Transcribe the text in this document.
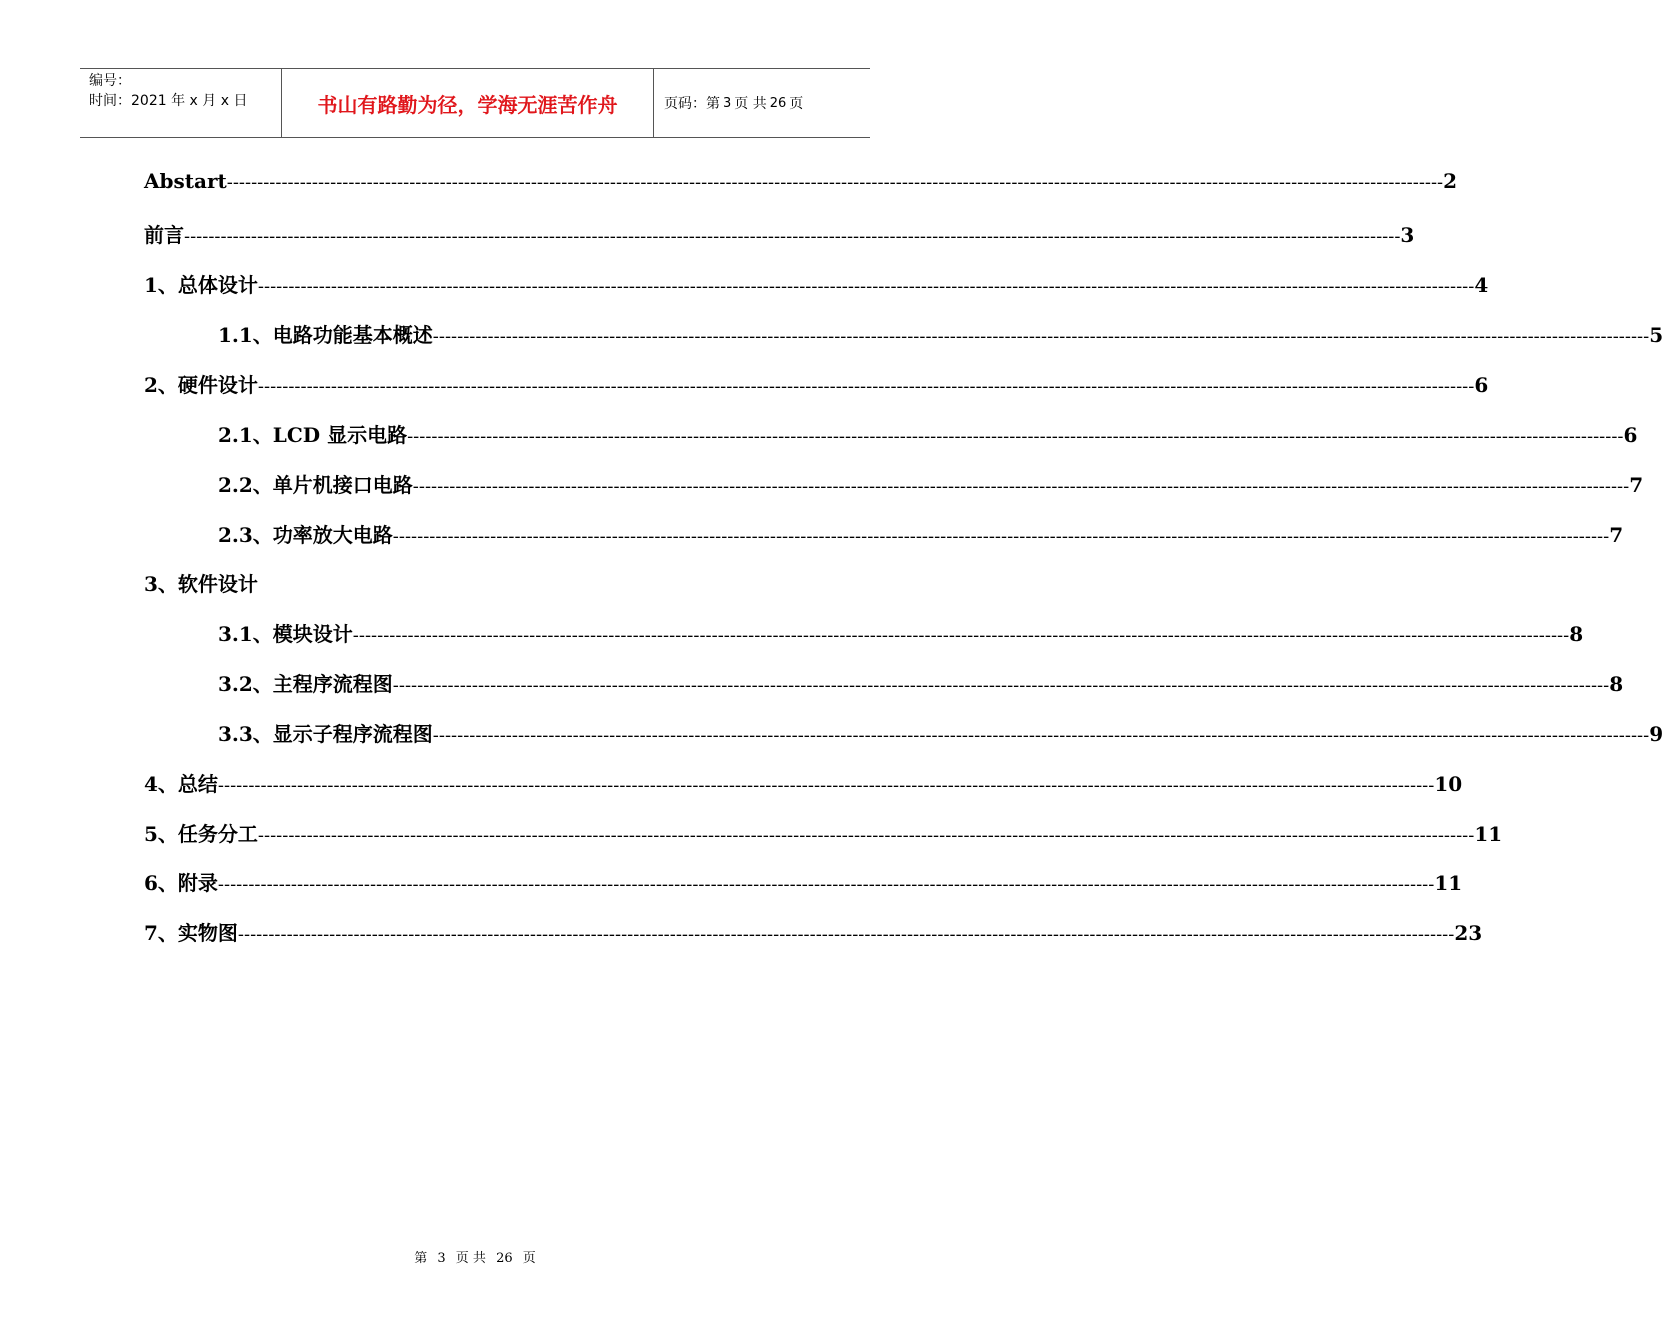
编号：
时间：2021 年 x 月 x 日	书山有路勤为径，学海无涯苦作舟	页码：第 3 页 共 26 页
Abstart -------------------------------------------------------------------------------------------------------------------------------------------------------------------------------------------------------- 2
前言 -------------------------------------------------------------------------------------------------------------------------------------------------------------------------------------------------------- 3
1、总体设计 -------------------------------------------------------------------------------------------------------------------------------------------------------------------------------------------------------- 4
1.1、电路功能基本概述 -------------------------------------------------------------------------------------------------------------------------------------------------------------------------------------------------------- 5
2、硬件设计 -------------------------------------------------------------------------------------------------------------------------------------------------------------------------------------------------------- 6
2.1、LCD 显示电路 -------------------------------------------------------------------------------------------------------------------------------------------------------------------------------------------------------- 6
2.2、单片机接口电路 -------------------------------------------------------------------------------------------------------------------------------------------------------------------------------------------------------- 7
2.3、功率放大电路 -------------------------------------------------------------------------------------------------------------------------------------------------------------------------------------------------------- 7
3、软件设计
3.1、模块设计 -------------------------------------------------------------------------------------------------------------------------------------------------------------------------------------------------------- 8
3.2、主程序流程图 -------------------------------------------------------------------------------------------------------------------------------------------------------------------------------------------------------- 8
3.3、显示子程序流程图 -------------------------------------------------------------------------------------------------------------------------------------------------------------------------------------------------------- 9
4、总结 -------------------------------------------------------------------------------------------------------------------------------------------------------------------------------------------------------- 10
5、任务分工 -------------------------------------------------------------------------------------------------------------------------------------------------------------------------------------------------------- 11
6、附录 -------------------------------------------------------------------------------------------------------------------------------------------------------------------------------------------------------- 11
7、实物图 -------------------------------------------------------------------------------------------------------------------------------------------------------------------------------------------------------- 23
第 3 页 共 26 页
